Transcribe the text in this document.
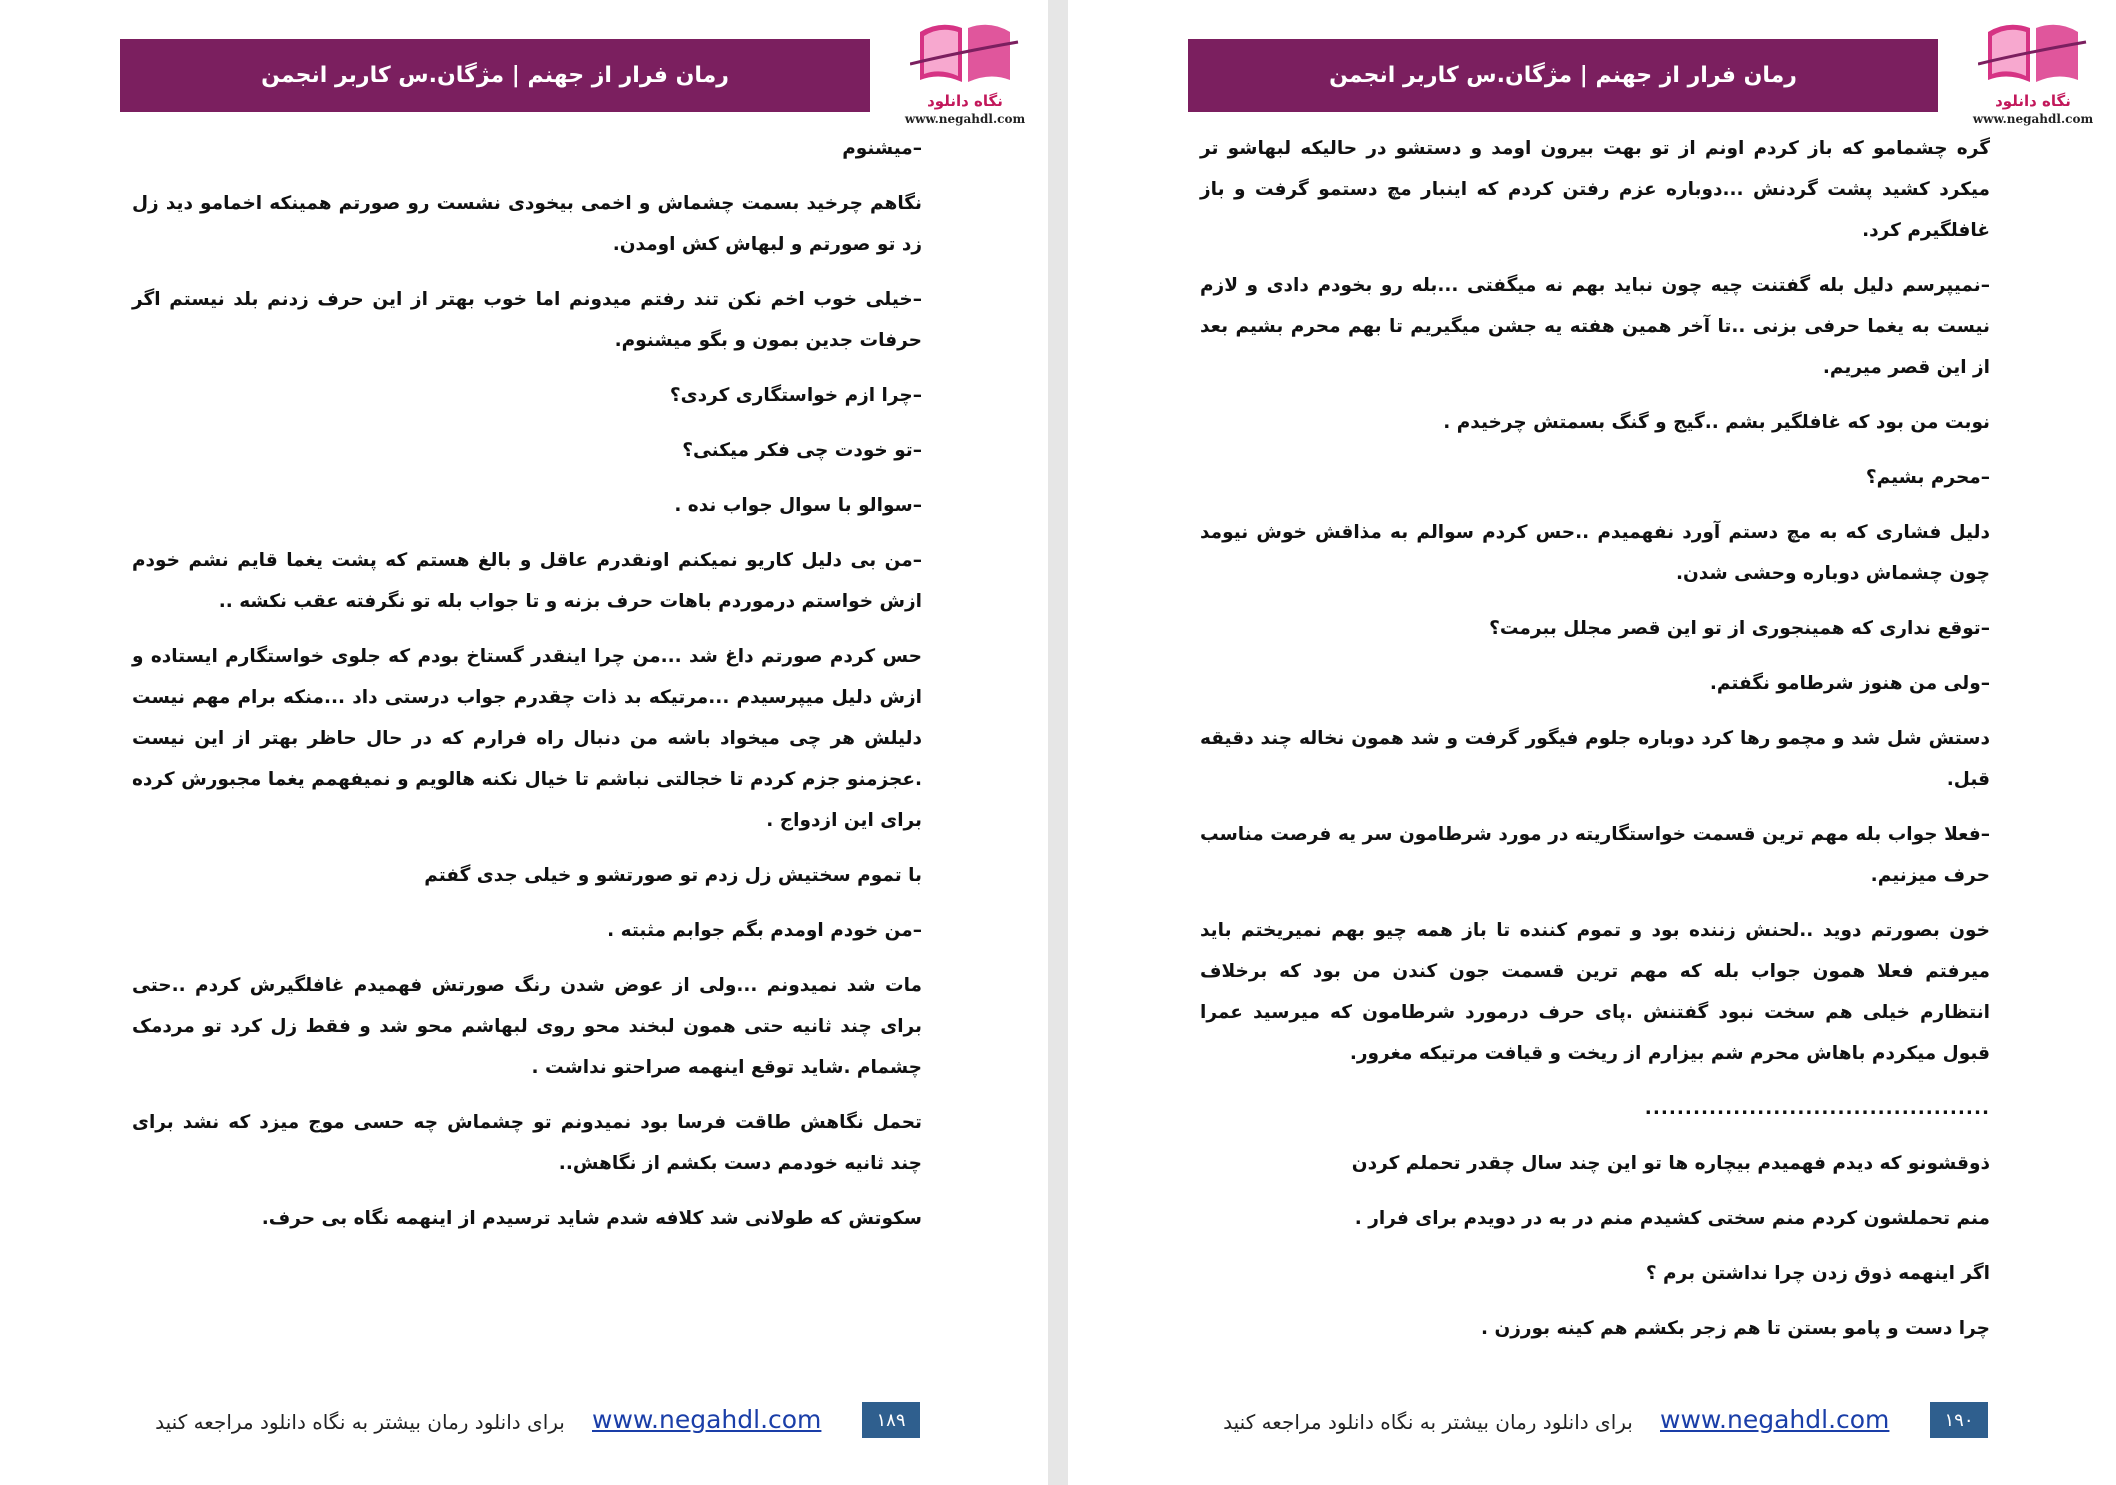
رمان فرار از جهنم | مژگان.س کاربر انجمن
نگاه دانلود
www.negahdl.com

–میشنوم

نگاهم چرخید بسمت چشماش و اخمی بیخودی نشست رو صورتم همینکه اخمامو دید زل زد تو صورتم و لبهاش کش اومدن.

–خیلی خوب اخم نکن تند رفتم میدونم اما خوب بهتر از این حرف زدنم بلد نیستم اگر حرفات جدین بمون و بگو میشنوم.

–چرا ازم خواستگاری کردی؟

–تو خودت چی فکر میکنی؟

–سوالو با سوال جواب نده .

–من بی دلیل کاریو نمیکنم اونقدرم عاقل و بالغ هستم که پشت یغما قایم نشم خودم ازش خواستم درموردم باهات حرف بزنه و تا جواب بله تو نگرفته عقب نکشه ..

حس کردم صورتم داغ شد ...من چرا اینقدر گستاخ بودم که جلوی خواستگارم ایستاده و ازش دلیل میپرسیدم ...مرتیکه بد ذات چقدرم جواب درستی داد ...منکه برام مهم نیست دلیلش هر چی میخواد باشه من دنبال راه فرارم که در حال حاظر بهتر از این نیست .عجزمنو جزم کردم تا خجالتی نباشم تا خیال نکنه هالویم و نمیفهمم یغما مجبورش کرده برای این ازدواج .

با تموم سختیش زل زدم تو صورتشو و خیلی جدی گفتم

–من خودم اومدم بگم جوابم مثبته .

مات شد نمیدونم ...ولی از عوض شدن رنگ صورتش فهمیدم غافلگیرش کردم ..حتی برای چند ثانیه حتی همون لبخند محو روی لبهاشم محو شد و فقط زل کرد تو مردمک چشمام .شاید توقع اینهمه صراحتو نداشت .

تحمل نگاهش طاقت فرسا بود نمیدونم تو چشماش چه حسی موج میزد که نشد برای چند ثانیه خودمم دست بکشم از نگاهش..

سکوتش که طولانی شد کلافه شدم شاید ترسیدم از اینهمه نگاه بی حرف.

برای دانلود رمان بیشتر به نگاه دانلود مراجعه کنید	www.negahdl.com	۱۸۹
رمان فرار از جهنم | مژگان.س کاربر انجمن
نگاه دانلود
www.negahdl.com

گره چشمامو که باز کردم اونم از تو بهت بیرون اومد و دستشو در حالیکه لبهاشو تر میکرد کشید پشت گردنش ...دوباره عزم رفتن کردم که اینبار مچ دستمو گرفت و باز غافلگیرم کرد.

–نمیپرسم دلیل بله گفتنت چیه چون نباید بهم نه میگفتی ...بله رو بخودم دادی و لازم نیست به یغما حرفی بزنی ..تا آخر همین هفته یه جشن میگیریم تا بهم محرم بشیم بعد از این قصر میریم.

نوبت من بود که غافلگیر بشم ..گیج و گنگ بسمتش چرخیدم .

–محرم بشیم؟

دلیل فشاری که به مچ دستم آورد نفهمیدم ..حس کردم سوالم به مذاقش خوش نیومد چون چشماش دوباره وحشی شدن.

–توقع نداری که همینجوری از تو این قصر مجلل ببرمت؟

–ولی من هنوز شرطامو نگفتم.

دستش شل شد و مچمو رها کرد دوباره جلوم فیگور گرفت و شد همون نخاله چند دقیقه قبل.

–فعلا جواب بله مهم ترین قسمت خواستگاریته در مورد شرطامون سر یه فرصت مناسب حرف میزنیم.

خون بصورتم دوید ..لحنش زننده بود و تموم کننده تا باز همه چیو بهم نمیریختم باید میرفتم فعلا همون جواب بله که مهم ترین قسمت جون کندن من بود که برخلاف انتظارم خیلی هم سخت نبود گفتنش .پای حرف درمورد شرطامون که میرسید عمرا قبول میکردم باهاش محرم شم بیزارم از ریخت و قیافت مرتیکه مغرور.

...........................................

ذوقشونو که دیدم فهمیدم بیچاره ها تو این چند سال چقدر تحملم کردن

منم تحملشون کردم منم سختی کشیدم منم در به در دویدم برای فرار .

اگر اینهمه ذوق زدن چرا نداشتن برم ؟

چرا دست و پامو بستن تا هم زجر بکشم هم کینه بورزن .

برای دانلود رمان بیشتر به نگاه دانلود مراجعه کنید	www.negahdl.com	۱۹۰
